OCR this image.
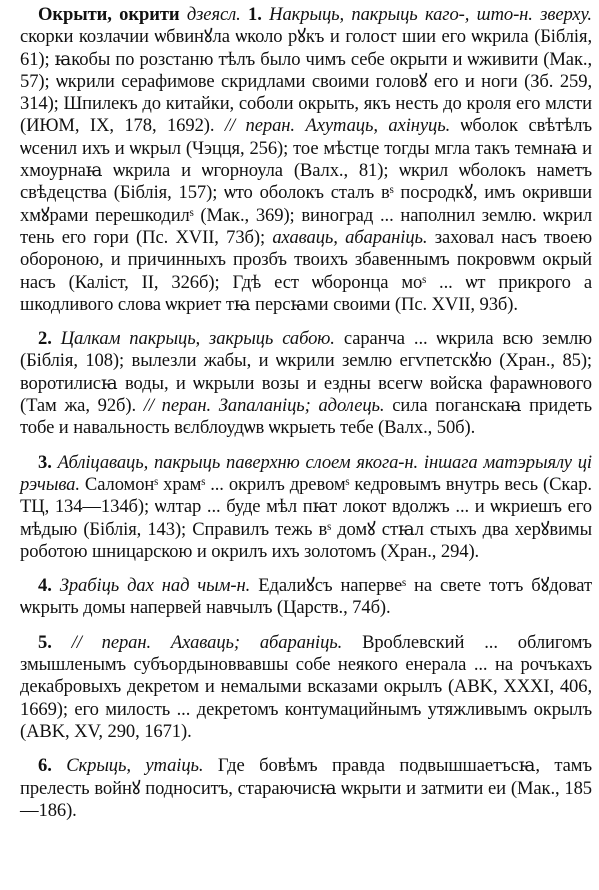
Окрыти, окрити дзеясл. 1. Накрыць, пакрыць каго-, што-н. зверху. скорки козлачии ѡбвинꙋла ѡколо рꙋкъ и голост шии его ѡкрила (Біблія, 61); ꙗкобы по розстаню тѣлъ было чимъ себе окрыти и ѡживити (Мак., 57); ѡкрили серафимове скридлами своими головꙋ его и ноги (Зб. 259, 314); Шпилекъ до китайки, соболи окрыть, якъ несть до кроля его млсти (ИЮМ, IX, 178, 1692). // перан. Ахутаць, ахінуць. ѡболок свѣтѣлъ ѡсенил ихъ и ѡкрыл (Чэцця, 256); тое мѣстце тогды мгла такъ темнаꙗ и хмоурнаꙗ ѡкрила и ѡгорноула (Валх., 81); ѡкрил ѡболокъ наметъ свѣдецства (Біблія, 157); ѡто оболокъ сталъ вˢ посродкꙋ, имъ окривши хмꙋрами перешкодилˢ (Мак., 369); виноград ... наполнил землю. ѡкрил тень его гори (Пс. XVII, 73б); ахаваць, абараніць. заховал насъ твоею обороною, и причинныхъ прозбъ твоихъ збавеннымъ покровѡм окрый насъ (Каліст, II, 326б); Гдѣ ест ѡборонца моˢ ... ѡт прикрого а шкодливого слова ѡкриет тꙗ персꙗми своими (Пс. XVII, 93б).

2. Цалкам пакрыць, закрыць сабою. саранча ... ѡкрила всю землю (Біблія, 108); вылезли жабы, и ѡкрили землю егѵпетскꙋю (Хран., 85); воротилисꙗ воды, и ѡкрыли возы и ездны всегѡ войска фараѡнового (Там жа, 92б). // перан. Запаланіць; адолець. сила поганскаꙗ придеть тобе и навальность вєлблоудѡв ѡкрыеть тебе (Валх., 50б).

3. Абліцаваць, пакрыць паверхню слоем якога-н. іншага матэрыялу ці рэчыва. Саломонˢ храмˢ ... окрилъ древомˢ кедровымъ внутрь весь (Скар. ТЦ, 134—134б); ѡлтар ... буде мѣл пꙗт локот вдолжъ ... и ѡкриешъ его мѣдыю (Біблія, 143); Справилъ тежь вˢ домꙋ стꙗл стыхъ два херꙋвимы роботою шницарскою и окрилъ ихъ золотомъ (Хран., 294).

4. Зрабіць дах над чым-н. Едалиꙋсъ напервеˢ на свете тотъ бꙋдоват ѡкрыть домы напервей навчылъ (Царств., 74б).

5. // перан. Ахаваць; абараніць. Вроблевский ... облигомъ змышленымъ субъордыноввавшы собе неякого енерала ... на рочъкахъ декабровыхъ декретом и немалыми всказами окрылъ (ABK, XXXI, 406, 1669); его милость ... декретомъ контумацийнымъ утяжливымъ окрылъ (ABK, XV, 290, 1671).

6. Скрыць, утаіць. Где бовѣмъ правда подвышшаетъсꙗ, тамъ прелесть войнꙋ подноситъ, стараючисꙗ ѡкрыти и затмити еи (Мак., 185—186).
